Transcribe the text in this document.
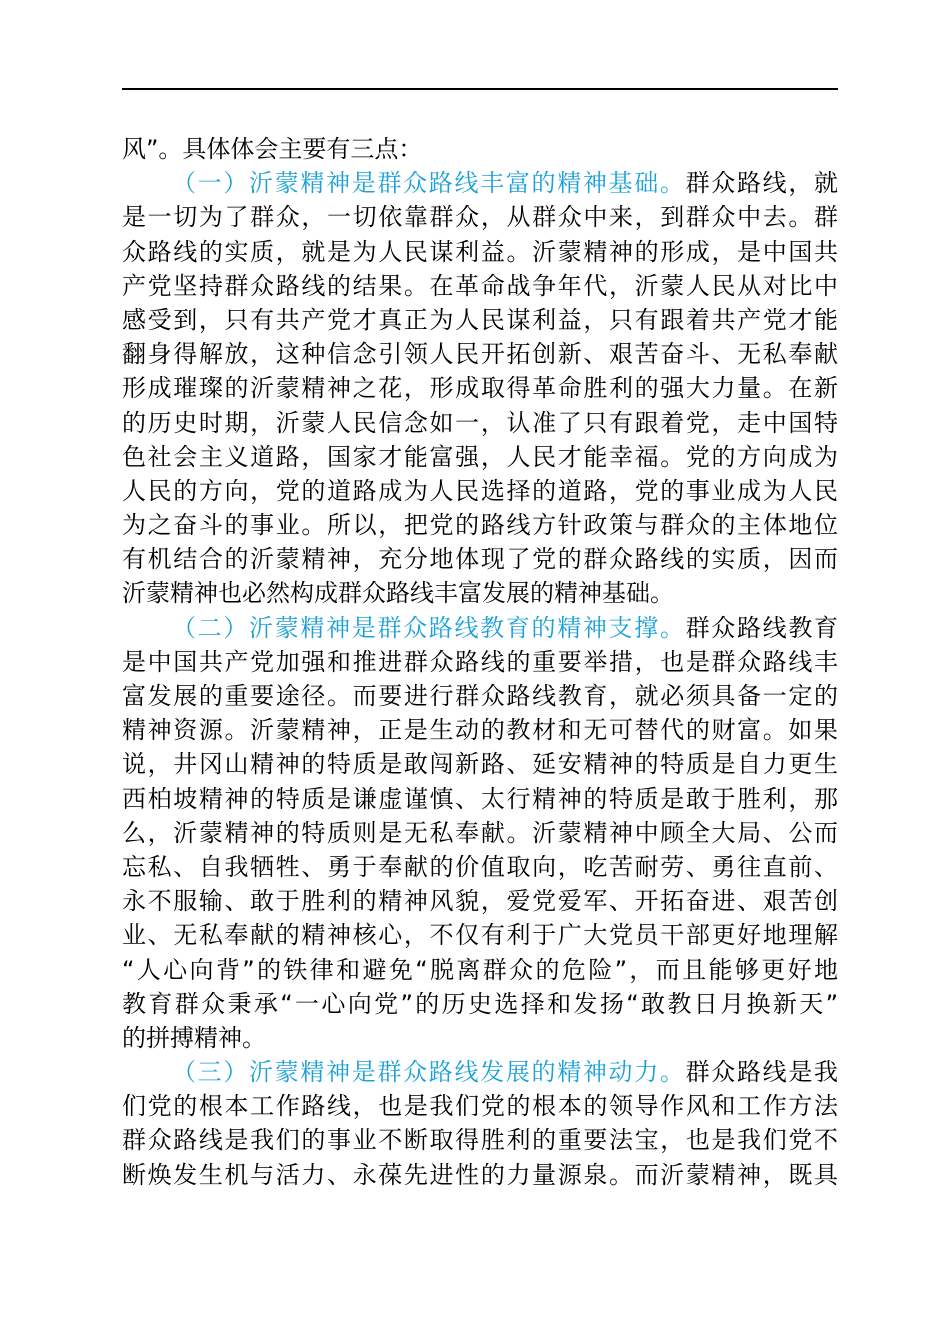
风”。具体体会主要有三点：
（一）沂蒙精神是群众路线丰富的精神基础。群众路线，就
是一切为了群众，一切依靠群众，从群众中来，到群众中去。群
众路线的实质，就是为人民谋利益。沂蒙精神的形成，是中国共
产党坚持群众路线的结果。在革命战争年代，沂蒙人民从对比中
感受到，只有共产党才真正为人民谋利益，只有跟着共产党才能
翻身得解放，这种信念引领人民开拓创新、艰苦奋斗、无私奉献
形成璀璨的沂蒙精神之花，形成取得革命胜利的强大力量。在新
的历史时期，沂蒙人民信念如一，认准了只有跟着党，走中国特
色社会主义道路，国家才能富强，人民才能幸福。党的方向成为
人民的方向，党的道路成为人民选择的道路，党的事业成为人民
为之奋斗的事业。所以，把党的路线方针政策与群众的主体地位
有机结合的沂蒙精神，充分地体现了党的群众路线的实质，因而
沂蒙精神也必然构成群众路线丰富发展的精神基础。
（二）沂蒙精神是群众路线教育的精神支撑。群众路线教育
是中国共产党加强和推进群众路线的重要举措，也是群众路线丰
富发展的重要途径。而要进行群众路线教育，就必须具备一定的
精神资源。沂蒙精神，正是生动的教材和无可替代的财富。如果
说，井冈山精神的特质是敢闯新路、延安精神的特质是自力更生
西柏坡精神的特质是谦虚谨慎、太行精神的特质是敢于胜利，那
么，沂蒙精神的特质则是无私奉献。沂蒙精神中顾全大局、公而
忘私、自我牺牲、勇于奉献的价值取向，吃苦耐劳、勇往直前、
永不服输、敢于胜利的精神风貌，爱党爱军、开拓奋进、艰苦创
业、无私奉献的精神核心，不仅有利于广大党员干部更好地理解
“人心向背”的铁律和避免“脱离群众的危险”，而且能够更好地
教育群众秉承“一心向党”的历史选择和发扬“敢教日月换新天”
的拼搏精神。
（三）沂蒙精神是群众路线发展的精神动力。群众路线是我
们党的根本工作路线，也是我们党的根本的领导作风和工作方法
群众路线是我们的事业不断取得胜利的重要法宝，也是我们党不
断焕发生机与活力、永葆先进性的力量源泉。而沂蒙精神，既具
